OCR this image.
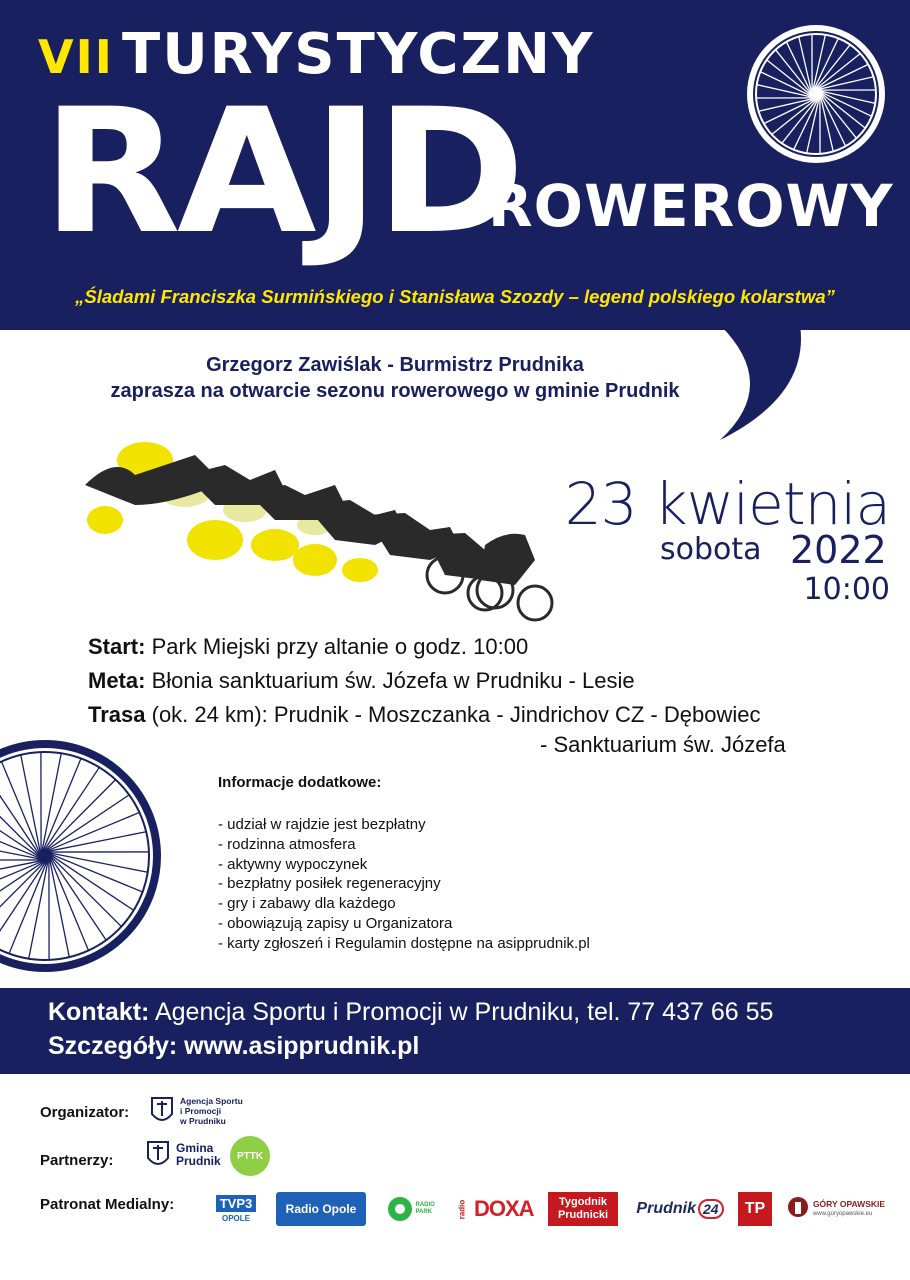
VII TURYSTYCZNY
RAJD
ROWEROWY
„Śladami Franciszka Surmińskiego i Stanisława Szozdy – legend polskiego kolarstwa”
Grzegorz Zawiślak - Burmistrz Prudnika
zaprasza na otwarcie sezonu rowerowego w gminie Prudnik
23 kwietnia
sobota 2022
10:00
Start: Park Miejski przy altanie o godz. 10:00
Meta: Błonia sanktuarium św. Józefa w Prudniku - Lesie
Trasa (ok. 24 km): Prudnik - Moszczanka - Jindrichov CZ - Dębowiec
- Sanktuarium św. Józefa
Informacje dodatkowe:
- udział w rajdzie jest bezpłatny
- rodzinna atmosfera
- aktywny wypoczynek
- bezpłatny posiłek regeneracyjny
- gry i zabawy dla każdego
- obowiązują zapisy u Organizatora
- karty zgłoszeń i Regulamin dostępne na asipprudnik.pl
Kontakt: Agencja Sportu i Promocji w Prudniku, tel. 77 437 66 55
Szczegóły: www.asipprudnik.pl
Organizator:
Agencja Sportu
i Promocji
w Prudniku
Partnerzy:
Gmina
Prudnik PTTK
Patronat Medialny:	TVP3
OPOLE
Radio Opole	RADIO PARK	radio DOXA Tygodnik
Prudnicki Prudnik 24	TP	GÓRY OPAWSKIE
www.goryopawskie.eu
